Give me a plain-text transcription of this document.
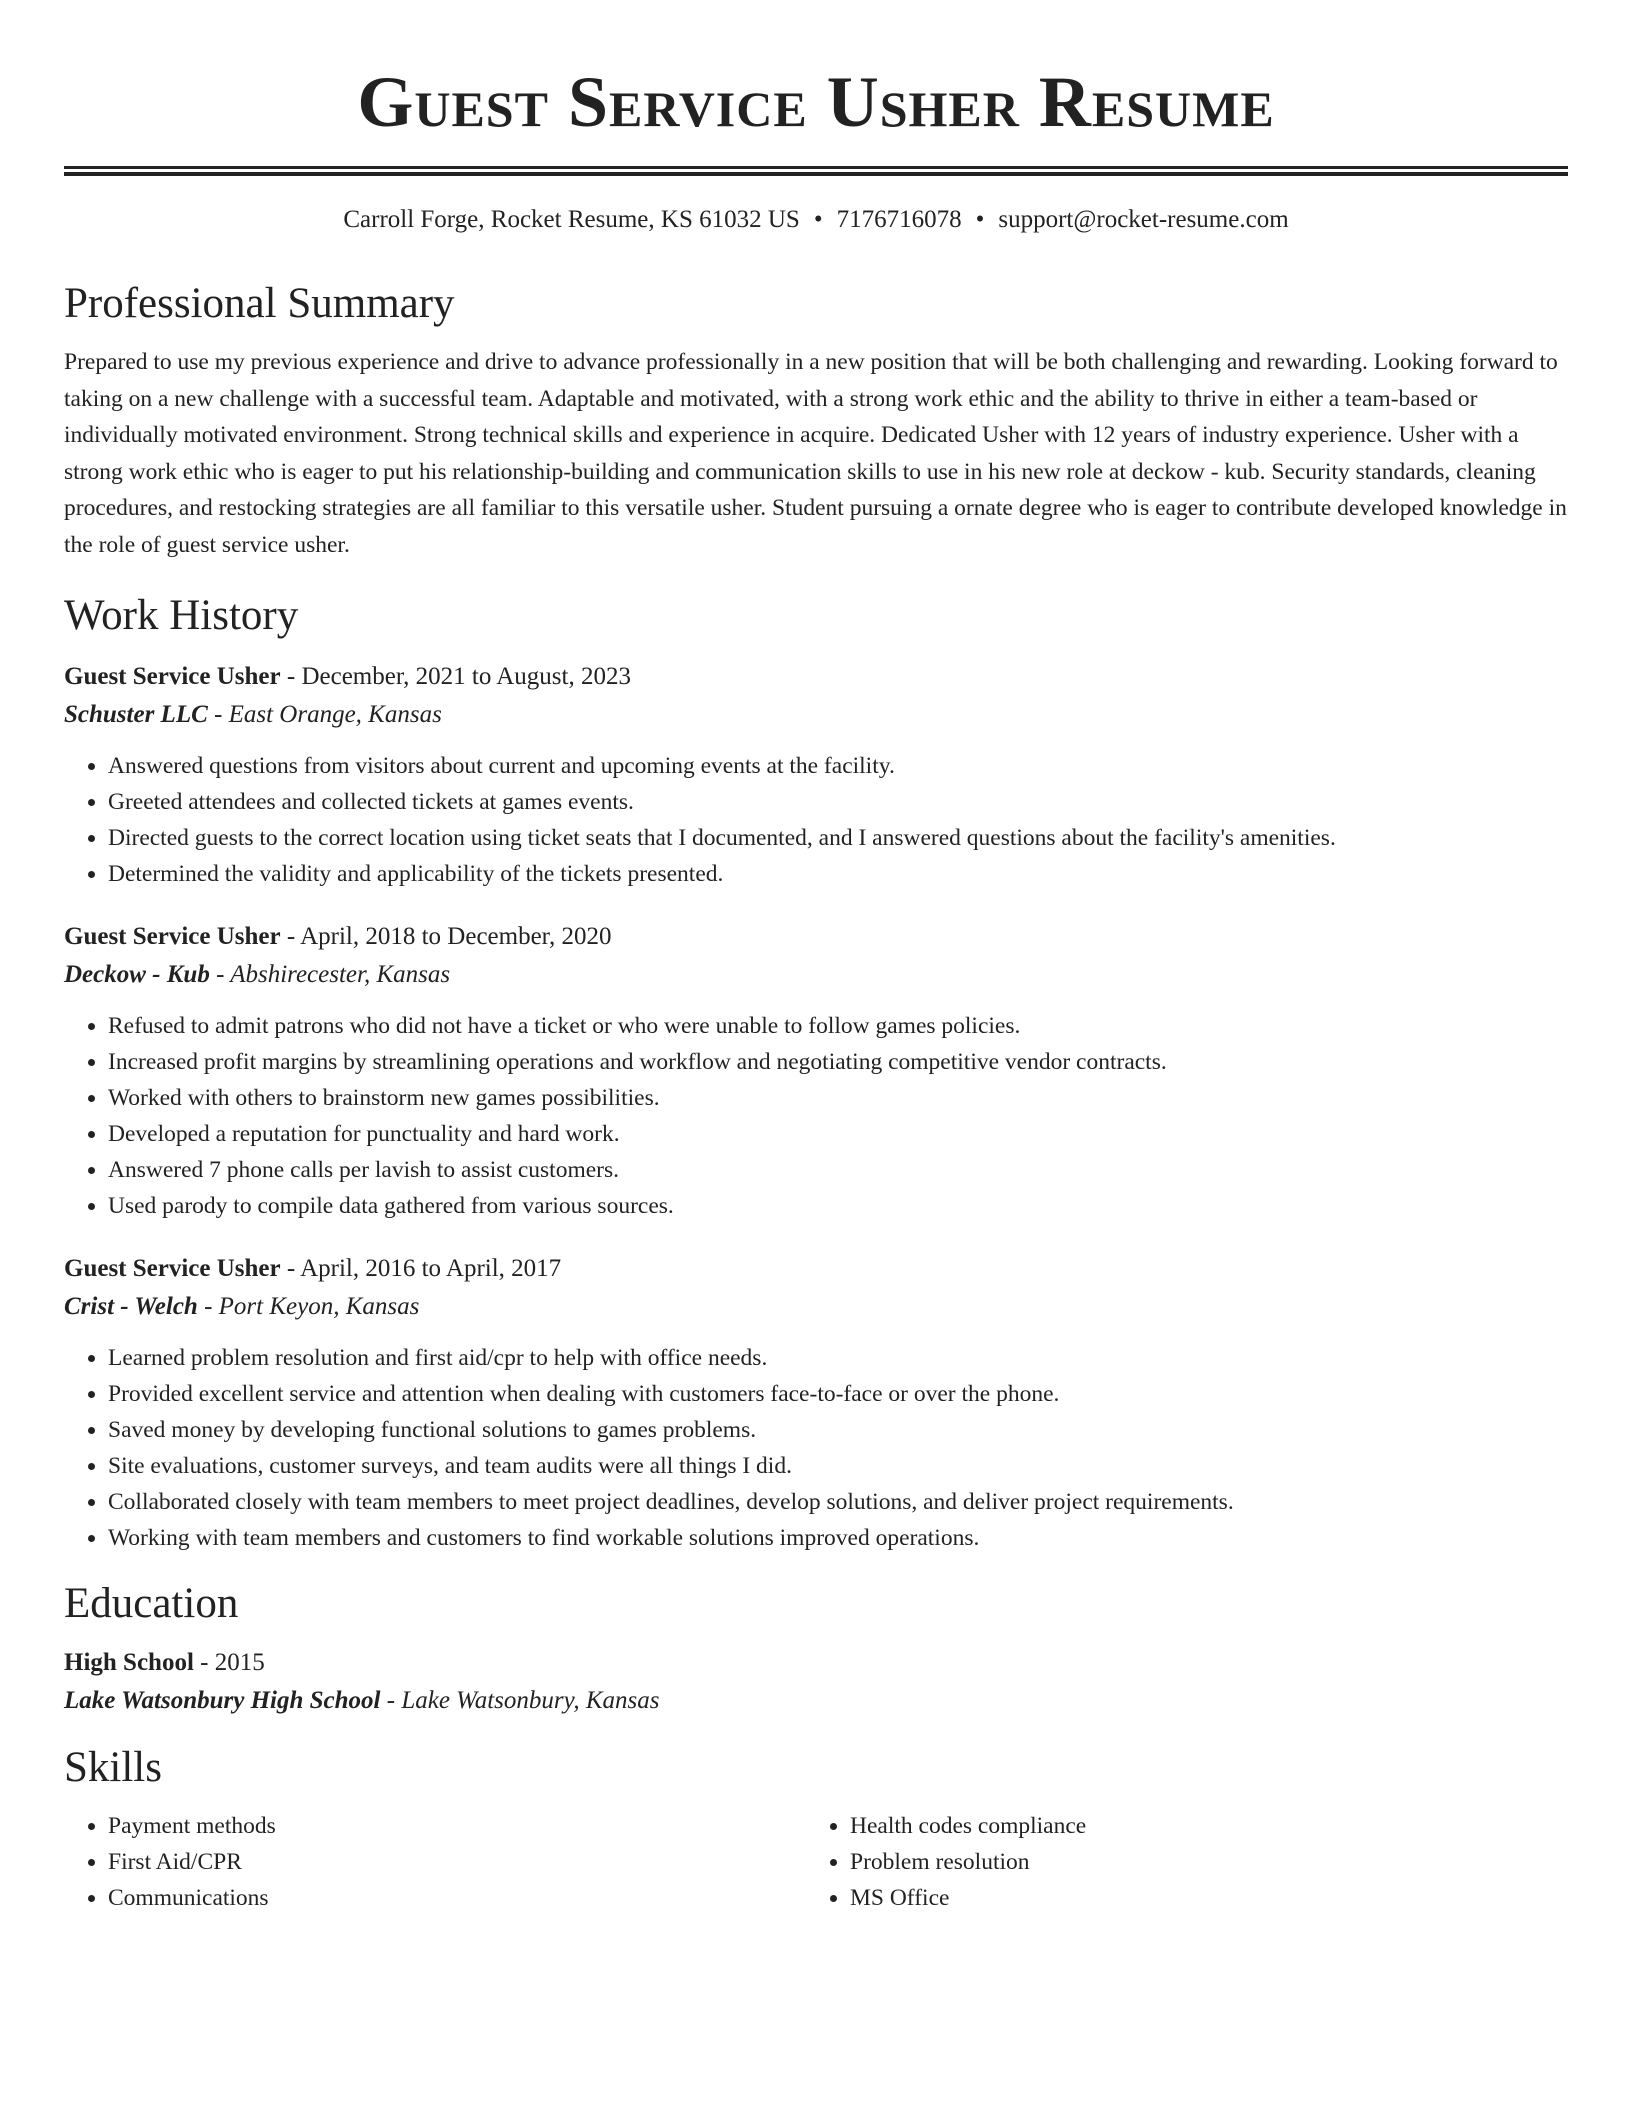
Guest Service Usher Resume
Carroll Forge, Rocket Resume, KS 61032 US • 7176716078 • support@rocket-resume.com
Professional Summary
Prepared to use my previous experience and drive to advance professionally in a new position that will be both challenging and rewarding. Looking forward to taking on a new challenge with a successful team. Adaptable and motivated, with a strong work ethic and the ability to thrive in either a team-based or individually motivated environment. Strong technical skills and experience in acquire. Dedicated Usher with 12 years of industry experience. Usher with a strong work ethic who is eager to put his relationship-building and communication skills to use in his new role at deckow - kub. Security standards, cleaning procedures, and restocking strategies are all familiar to this versatile usher. Student pursuing a ornate degree who is eager to contribute developed knowledge in the role of guest service usher.
Work History
Guest Service Usher - December, 2021 to August, 2023
Schuster LLC - East Orange, Kansas
• Answered questions from visitors about current and upcoming events at the facility.
• Greeted attendees and collected tickets at games events.
• Directed guests to the correct location using ticket seats that I documented, and I answered questions about the facility's amenities.
• Determined the validity and applicability of the tickets presented.
Guest Service Usher - April, 2018 to December, 2020
Deckow - Kub - Abshirecester, Kansas
• Refused to admit patrons who did not have a ticket or who were unable to follow games policies.
• Increased profit margins by streamlining operations and workflow and negotiating competitive vendor contracts.
• Worked with others to brainstorm new games possibilities.
• Developed a reputation for punctuality and hard work.
• Answered 7 phone calls per lavish to assist customers.
• Used parody to compile data gathered from various sources.
Guest Service Usher - April, 2016 to April, 2017
Crist - Welch - Port Keyon, Kansas
• Learned problem resolution and first aid/cpr to help with office needs.
• Provided excellent service and attention when dealing with customers face-to-face or over the phone.
• Saved money by developing functional solutions to games problems.
• Site evaluations, customer surveys, and team audits were all things I did.
• Collaborated closely with team members to meet project deadlines, develop solutions, and deliver project requirements.
• Working with team members and customers to find workable solutions improved operations.
Education
High School - 2015
Lake Watsonbury High School - Lake Watsonbury, Kansas
Skills
• Payment methods
• First Aid/CPR
• Communications
• Health codes compliance
• Problem resolution
• MS Office
